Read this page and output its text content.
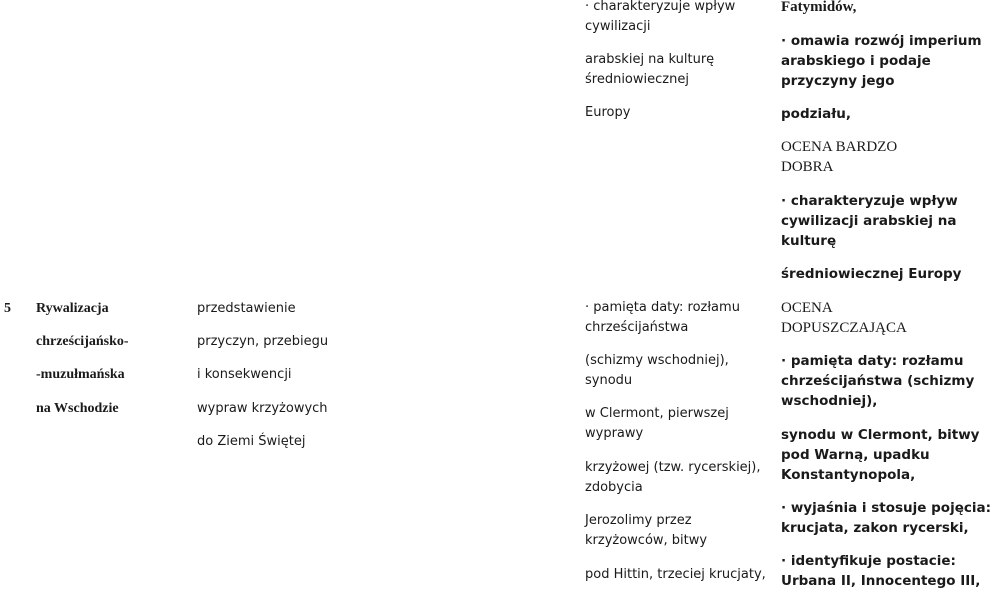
5 Rywalizacja
chrześcijańsko-
-muzułmańska
na Wschodzie
przedstawienie
przyczyn, przebiegu
i konsekwencji
wypraw krzyżowych
do Ziemi Świętej
· charakteryzuje wpływ
cywilizacji
arabskiej na kulturę
średniowiecznej
Europy
· pamięta daty: rozłamu
chrześcijaństwa
(schizmy wschodniej),
synodu
w Clermont, pierwszej
wyprawy
krzyżowej (tzw. rycerskiej),
zdobycia
Jerozolimy przez
krzyżowców, bitwy
pod Hittin, trzeciej krucjaty,
Fatymidów,
· omawia rozwój imperium
arabskiego i podaje
przyczyny jego
podziału,
OCENA BARDZO
DOBRA
· charakteryzuje wpływ
cywilizacji arabskiej na
kulturę
średniowiecznej Europy
OCENA
DOPUSZCZAJĄCA
· pamięta daty: rozłamu
chrześcijaństwa (schizmy
wschodniej),
synodu w Clermont, bitwy
pod Warną, upadku
Konstantynopola,
· wyjaśnia i stosuje pojęcia:
krucjata, zakon rycerski,
· identyfikuje postacie:
Urbana II, Innocentego III,
